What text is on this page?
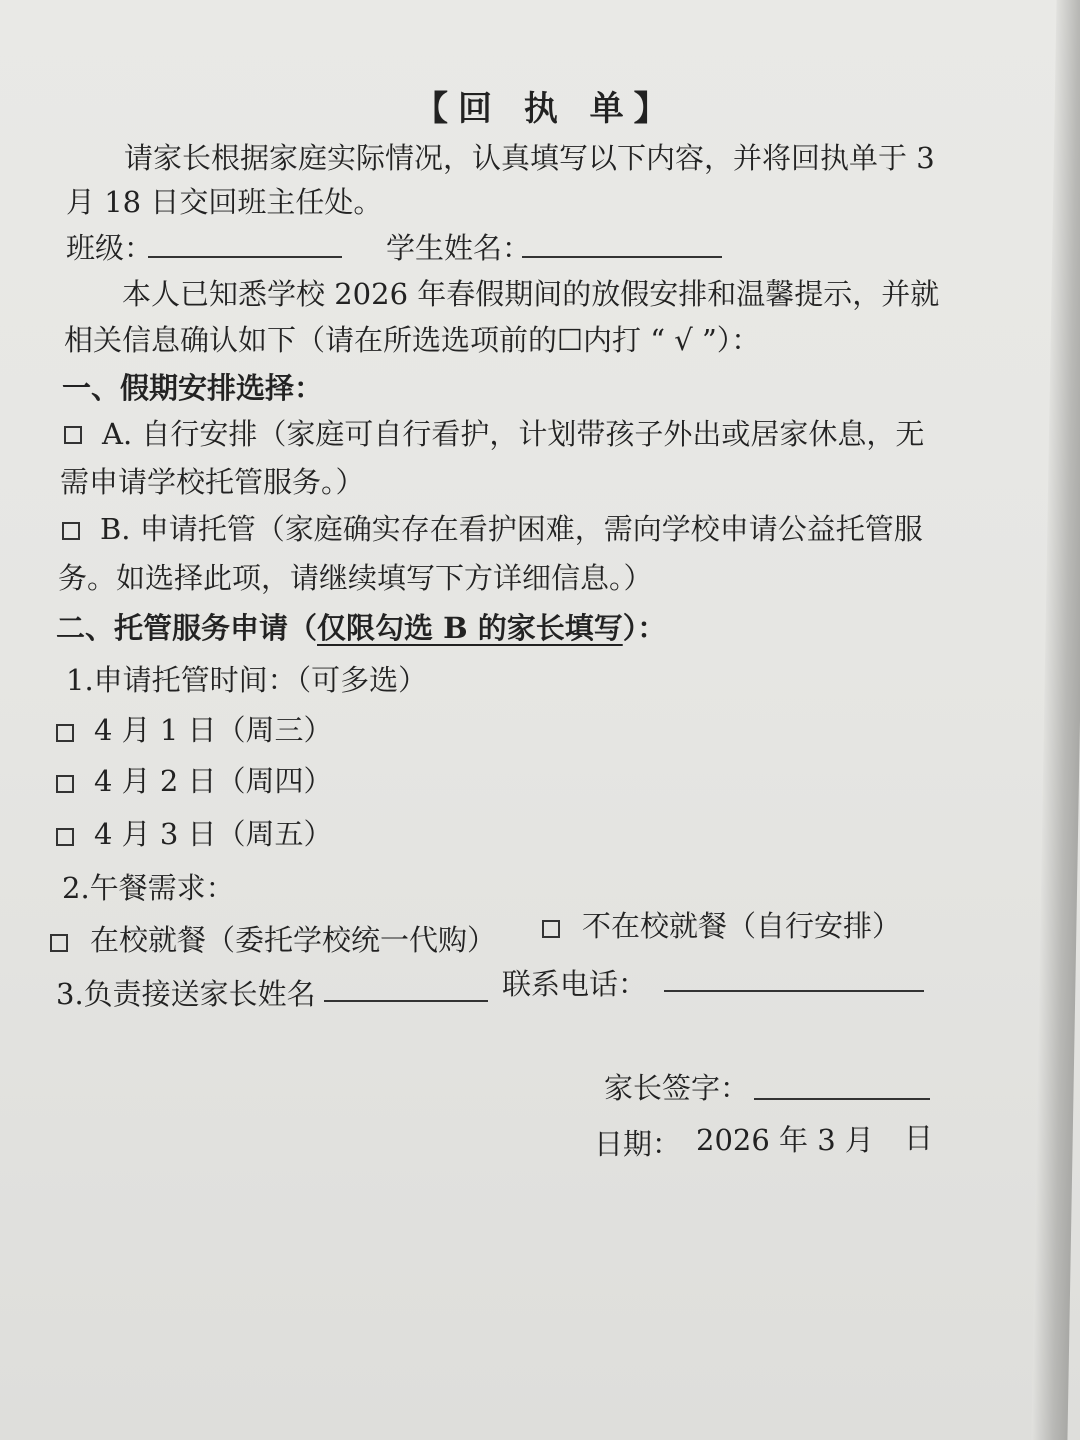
【回 执 单】
请家长根据家庭实际情况，认真填写以下内容，并将回执单于 3
月 18 日交回班主任处。
班级：	学生姓名：
本人已知悉学校 2026 年春假期间的放假安排和温馨提示，并就
相关信息确认如下（请在所选选项前的☐内打 “ √ ”）：
一、假期安排选择：
A. 自行安排（家庭可自行看护，计划带孩子外出或居家休息，无
需申请学校托管服务。）
B. 申请托管（家庭确实存在看护困难，需向学校申请公益托管服
务。如选择此项，请继续填写下方详细信息。）
二、托管服务申请（仅限勾选 B 的家长填写）：
1.申请托管时间：（可多选）
4 月 1 日（周三）
4 月 2 日（周四）
4 月 3 日（周五）
2.午餐需求：
在校就餐（委托学校统一代购）	不在校就餐（自行安排）
3.负责接送家长姓名	联系电话：
家长签字：
日期： 2026 年 3 月 日
